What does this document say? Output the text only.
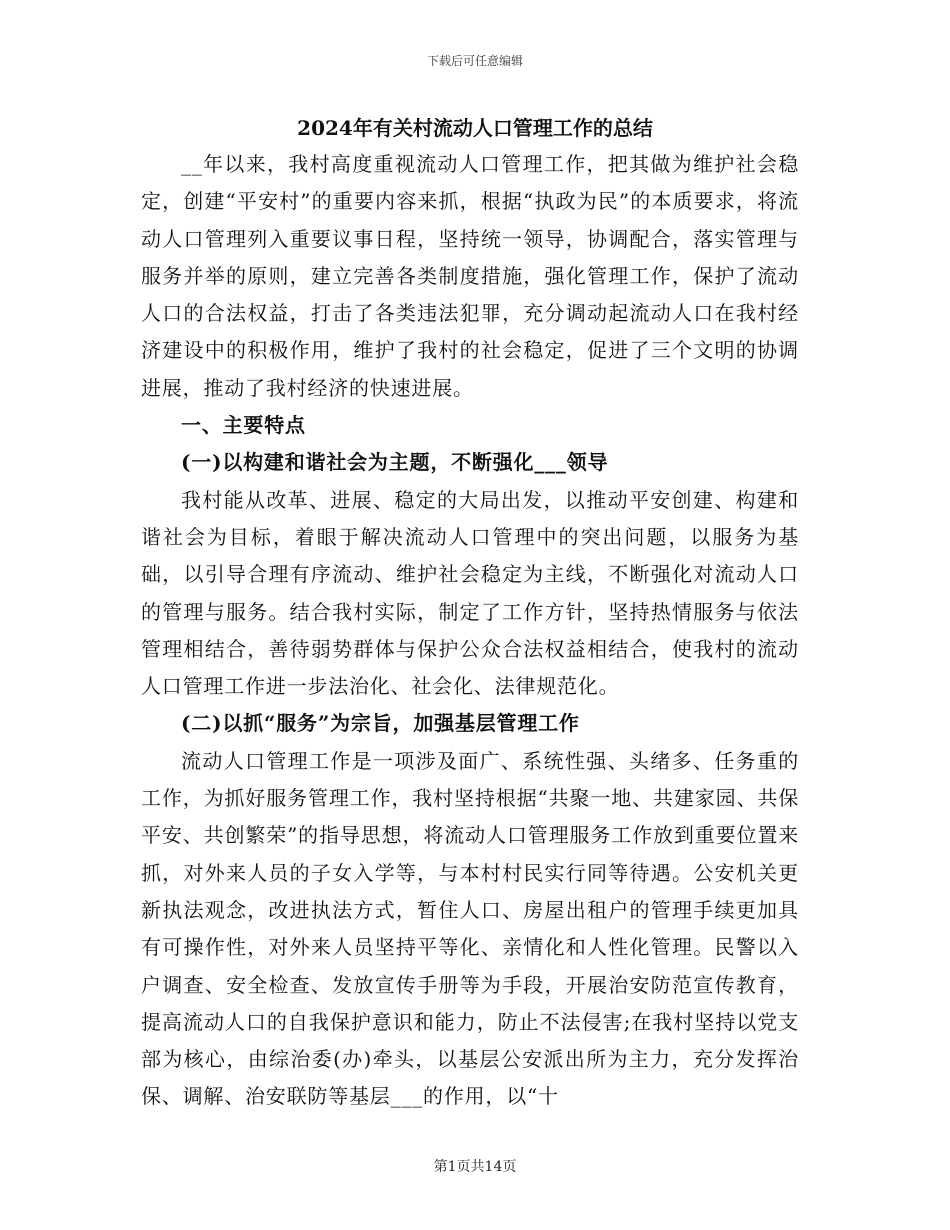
下载后可任意编辑
2024年有关村流动人口管理工作的总结

__年以来，我村高度重视流动人口管理工作，把其做为维护社会稳定，创建“平安村”的重要内容来抓，根据“执政为民”的本质要求，将流动人口管理列入重要议事日程，坚持统一领导，协调配合，落实管理与服务并举的原则，建立完善各类制度措施，强化管理工作，保护了流动人口的合法权益，打击了各类违法犯罪，充分调动起流动人口在我村经济建设中的积极作用，维护了我村的社会稳定，促进了三个文明的协调进展，推动了我村经济的快速进展。

一、主要特点

(一)以构建和谐社会为主题，不断强化___领导

我村能从改革、进展、稳定的大局出发，以推动平安创建、构建和谐社会为目标，着眼于解决流动人口管理中的突出问题，以服务为基础，以引导合理有序流动、维护社会稳定为主线，不断强化对流动人口的管理与服务。结合我村实际，制定了工作方针，坚持热情服务与依法管理相结合，善待弱势群体与保护公众合法权益相结合，使我村的流动人口管理工作进一步法治化、社会化、法律规范化。

(二)以抓“服务”为宗旨，加强基层管理工作

流动人口管理工作是一项涉及面广、系统性强、头绪多、任务重的工作，为抓好服务管理工作，我村坚持根据“共聚一地、共建家园、共保平安、共创繁荣”的指导思想，将流动人口管理服务工作放到重要位置来抓，对外来人员的子女入学等，与本村村民实行同等待遇。公安机关更新执法观念，改进执法方式，暂住人口、房屋出租户的管理手续更加具有可操作性，对外来人员坚持平等化、亲情化和人性化管理。民警以入户调查、安全检查、发放宣传手册等为手段，开展治安防范宣传教育，提高流动人口的自我保护意识和能力，防止不法侵害;在我村坚持以党支部为核心，由综治委(办)牵头，以基层公安派出所为主力，充分发挥治保、调解、治安联防等基层___的作用，以“十

第1页共14页
